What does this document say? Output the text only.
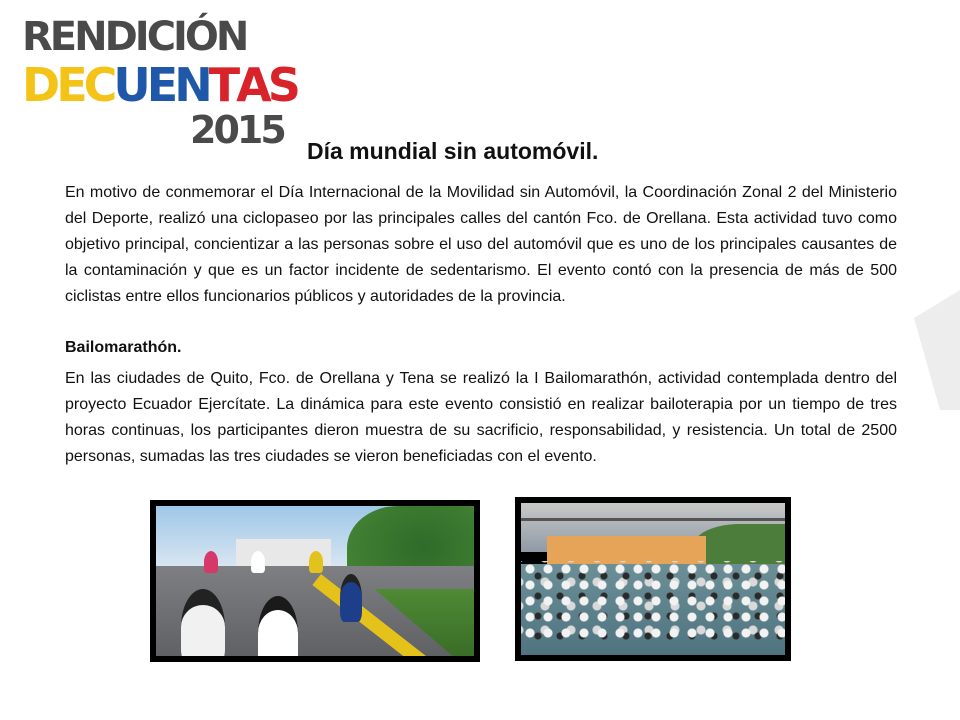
RENDICIÓN
DECUENTAS
2015 Día mundial sin automóvil.

En motivo de conmemorar el Día Internacional de la Movilidad sin Automóvil, la Coordinación Zonal 2 del Ministerio del Deporte, realizó una ciclopaseo por las principales calles del cantón Fco. de Orellana. Esta actividad tuvo como objetivo principal, concientizar a las personas sobre el uso del automóvil que es uno de los principales causantes de la contaminación y que es un factor incidente de sedentarismo. El evento contó con la presencia de más de 500 ciclistas entre ellos funcionarios públicos y autoridades de la provincia.

Bailomarathón.

En las ciudades de Quito, Fco. de Orellana y Tena se realizó la I Bailomarathón, actividad contemplada dentro del proyecto Ecuador Ejercítate. La dinámica para este evento consistió en realizar bailoterapia por un tiempo de tres horas continuas, los participantes dieron muestra de su sacrificio, responsabilidad, y resistencia. Un total de 2500 personas, sumadas las tres ciudades se vieron beneficiadas con el evento.
